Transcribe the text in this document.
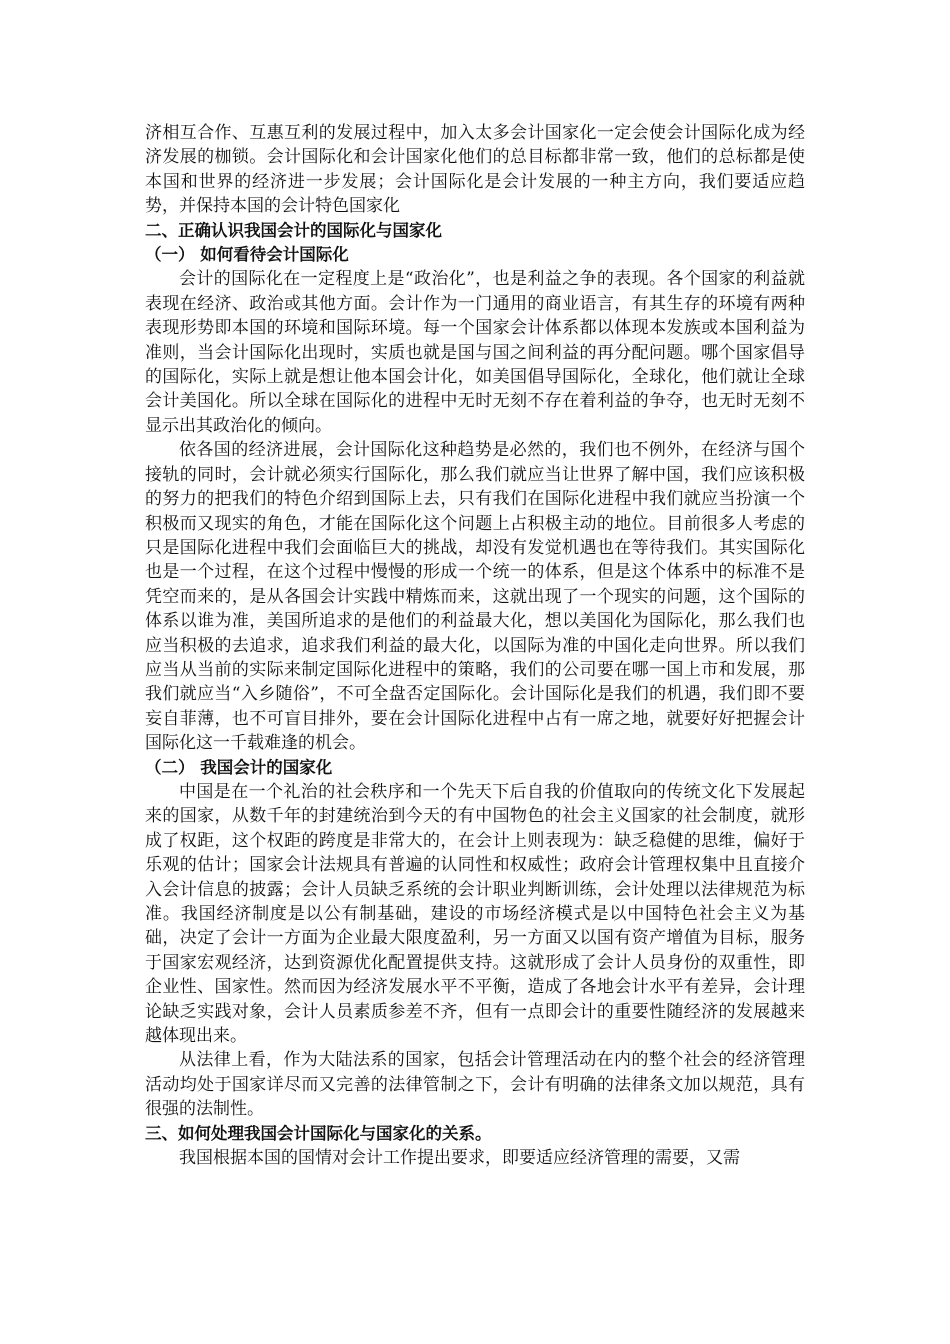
济相互合作、互惠互利的发展过程中，加入太多会计国家化一定会使会计国际化成为经济发展的枷锁。会计国际化和会计国家化他们的总目标都非常一致，他们的总标都是使本国和世界的经济进一步发展；会计国际化是会计发展的一种主方向，我们要适应趋势，并保持本国的会计特色国家化

二、正确认识我国会计的国际化与国家化

（一） 如何看待会计国际化

会计的国际化在一定程度上是“政治化”，也是利益之争的表现。各个国家的利益就表现在经济、政治或其他方面。会计作为一门通用的商业语言，有其生存的环境有两种表现形势即本国的环境和国际环境。每一个国家会计体系都以体现本发族或本国利益为准则，当会计国际化出现时，实质也就是国与国之间利益的再分配问题。哪个国家倡导的国际化，实际上就是想让他本国会计化，如美国倡导国际化，全球化，他们就让全球会计美国化。所以全球在国际化的进程中无时无刻不存在着利益的争夺，也无时无刻不显示出其政治化的倾向。

依各国的经济进展，会计国际化这种趋势是必然的，我们也不例外，在经济与国个接轨的同时，会计就必须实行国际化，那么我们就应当让世界了解中国，我们应该积极的努力的把我们的特色介绍到国际上去，只有我们在国际化进程中我们就应当扮演一个积极而又现实的角色，才能在国际化这个问题上占积极主动的地位。目前很多人考虑的只是国际化进程中我们会面临巨大的挑战，却没有发觉机遇也在等待我们。其实国际化也是一个过程，在这个过程中慢慢的形成一个统一的体系，但是这个体系中的标准不是凭空而来的，是从各国会计实践中精炼而来，这就出现了一个现实的问题，这个国际的体系以谁为准，美国所追求的是他们的利益最大化，想以美国化为国际化，那么我们也应当积极的去追求，追求我们利益的最大化，以国际为准的中国化走向世界。所以我们应当从当前的实际来制定国际化进程中的策略，我们的公司要在哪一国上市和发展，那我们就应当“入乡随俗”，不可全盘否定国际化。会计国际化是我们的机遇，我们即不要妄自菲薄，也不可盲目排外，要在会计国际化进程中占有一席之地，就要好好把握会计国际化这一千载难逢的机会。

（二） 我国会计的国家化

中国是在一个礼治的社会秩序和一个先天下后自我的价值取向的传统文化下发展起来的国家，从数千年的封建统治到今天的有中国物色的社会主义国家的社会制度，就形成了权距，这个权距的跨度是非常大的，在会计上则表现为：缺乏稳健的思维，偏好于乐观的估计；国家会计法规具有普遍的认同性和权威性；政府会计管理权集中且直接介入会计信息的披露；会计人员缺乏系统的会计职业判断训练，会计处理以法律规范为标准。我国经济制度是以公有制基础，建设的市场经济模式是以中国特色社会主义为基础，决定了会计一方面为企业最大限度盈利，另一方面又以国有资产增值为目标，服务于国家宏观经济，达到资源优化配置提供支持。这就形成了会计人员身份的双重性，即企业性、国家性。然而因为经济发展水平不平衡，造成了各地会计水平有差异，会计理论缺乏实践对象，会计人员素质参差不齐，但有一点即会计的重要性随经济的发展越来越体现出来。

从法律上看，作为大陆法系的国家，包括会计管理活动在内的整个社会的经济管理活动均处于国家详尽而又完善的法律管制之下，会计有明确的法律条文加以规范，具有很强的法制性。

三、如何处理我国会计国际化与国家化的关系。

我国根据本国的国情对会计工作提出要求，即要适应经济管理的需要，又需
